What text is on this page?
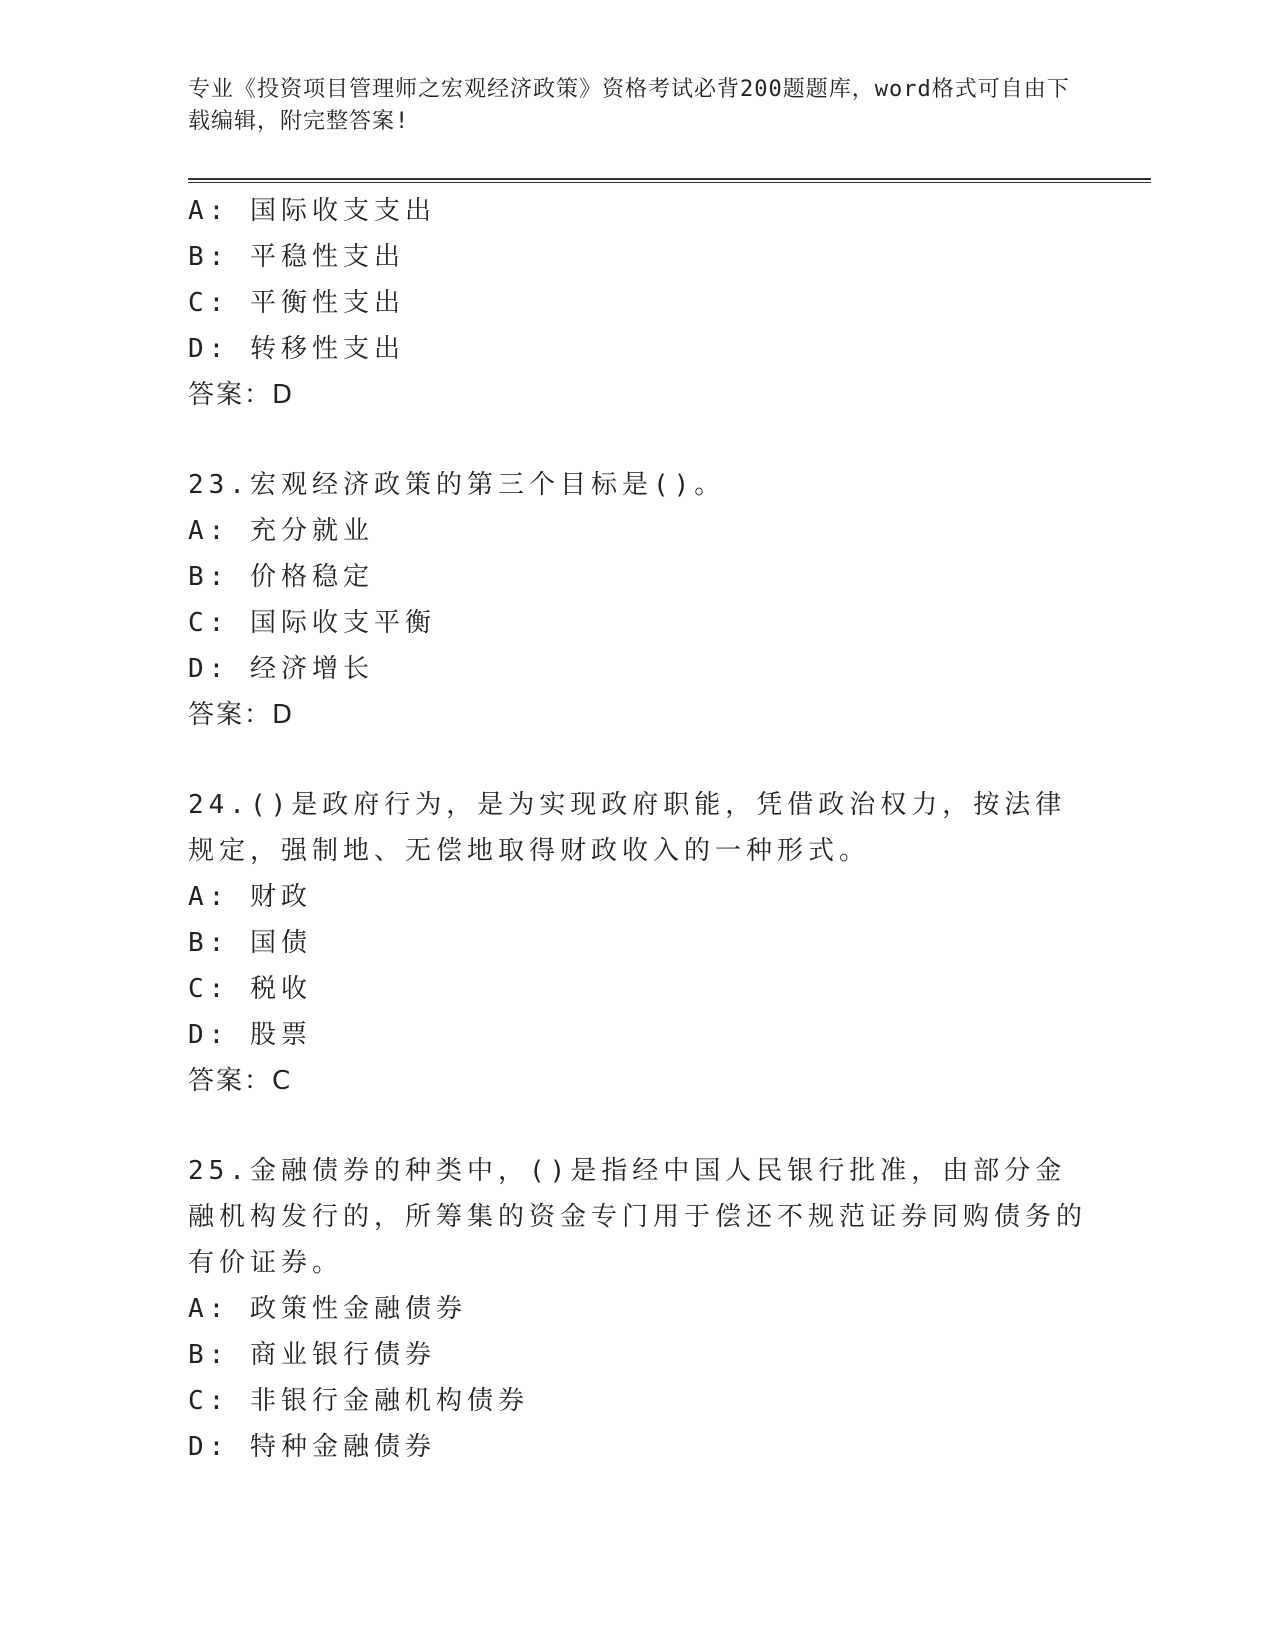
专业《投资项目管理师之宏观经济政策》资格考试必背200题题库，word格式可自由下载编辑，附完整答案!
A: 国际收支支出
B: 平稳性支出
C: 平衡性支出
D: 转移性支出
答案：D
23.宏观经济政策的第三个目标是()。
A: 充分就业
B: 价格稳定
C: 国际收支平衡
D: 经济增长
答案：D
24.()是政府行为，是为实现政府职能，凭借政治权力，按法律规定，强制地、无偿地取得财政收入的一种形式。
A: 财政
B: 国债
C: 税收
D: 股票
答案：C
25.金融债券的种类中，()是指经中国人民银行批准，由部分金融机构发行的，所筹集的资金专门用于偿还不规范证券同购债务的有价证券。
A: 政策性金融债券
B: 商业银行债券
C: 非银行金融机构债券
D: 特种金融债券
